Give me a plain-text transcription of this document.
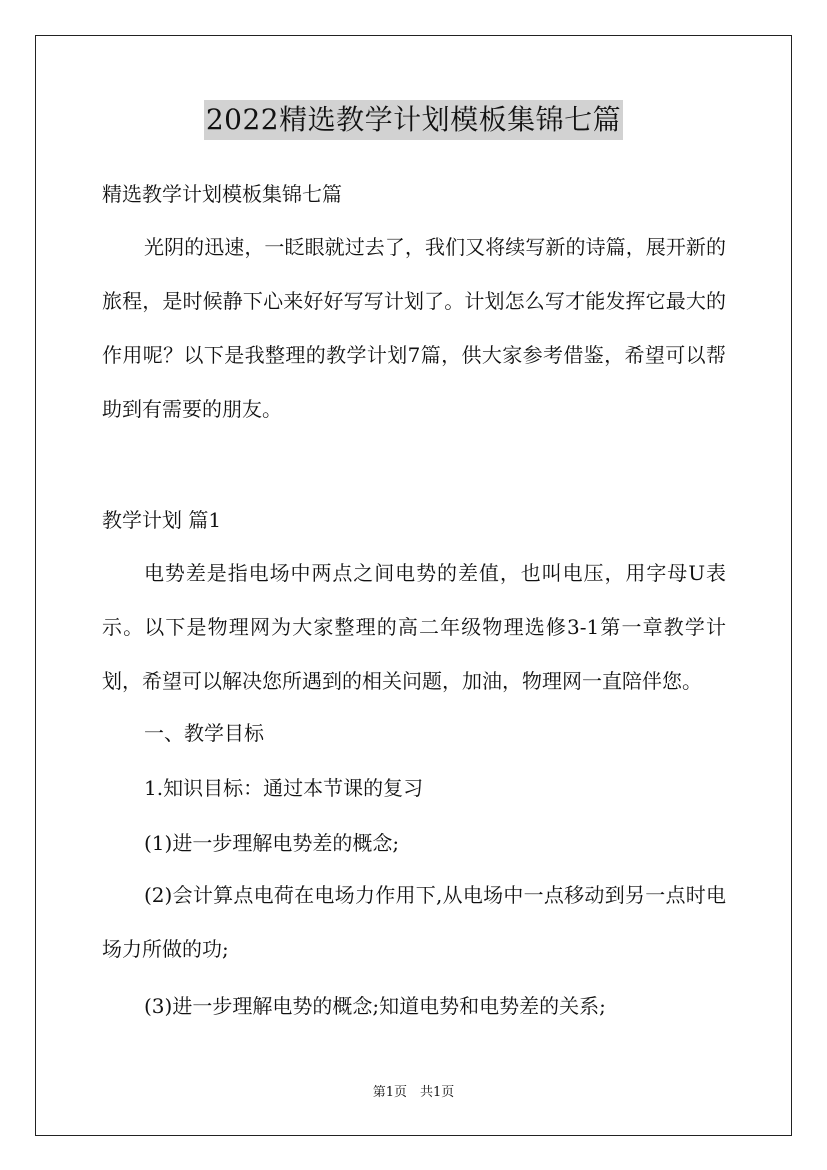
2022精选教学计划模板集锦七篇
精选教学计划模板集锦七篇
光阴的迅速，一眨眼就过去了，我们又将续写新的诗篇，展开新的旅程，是时候静下心来好好写写计划了。计划怎么写才能发挥它最大的作用呢？以下是我整理的教学计划7篇，供大家参考借鉴，希望可以帮助到有需要的朋友。
教学计划 篇1
电势差是指电场中两点之间电势的差值，也叫电压，用字母U表示。以下是物理网为大家整理的高二年级物理选修3-1第一章教学计划，希望可以解决您所遇到的相关问题，加油，物理网一直陪伴您。
一、教学目标
1.知识目标：通过本节课的复习
(1)进一步理解电势差的概念;
(2)会计算点电荷在电场力作用下,从电场中一点移动到另一点时电场力所做的功;
(3)进一步理解电势的概念;知道电势和电势差的关系;
第1页　共1页
